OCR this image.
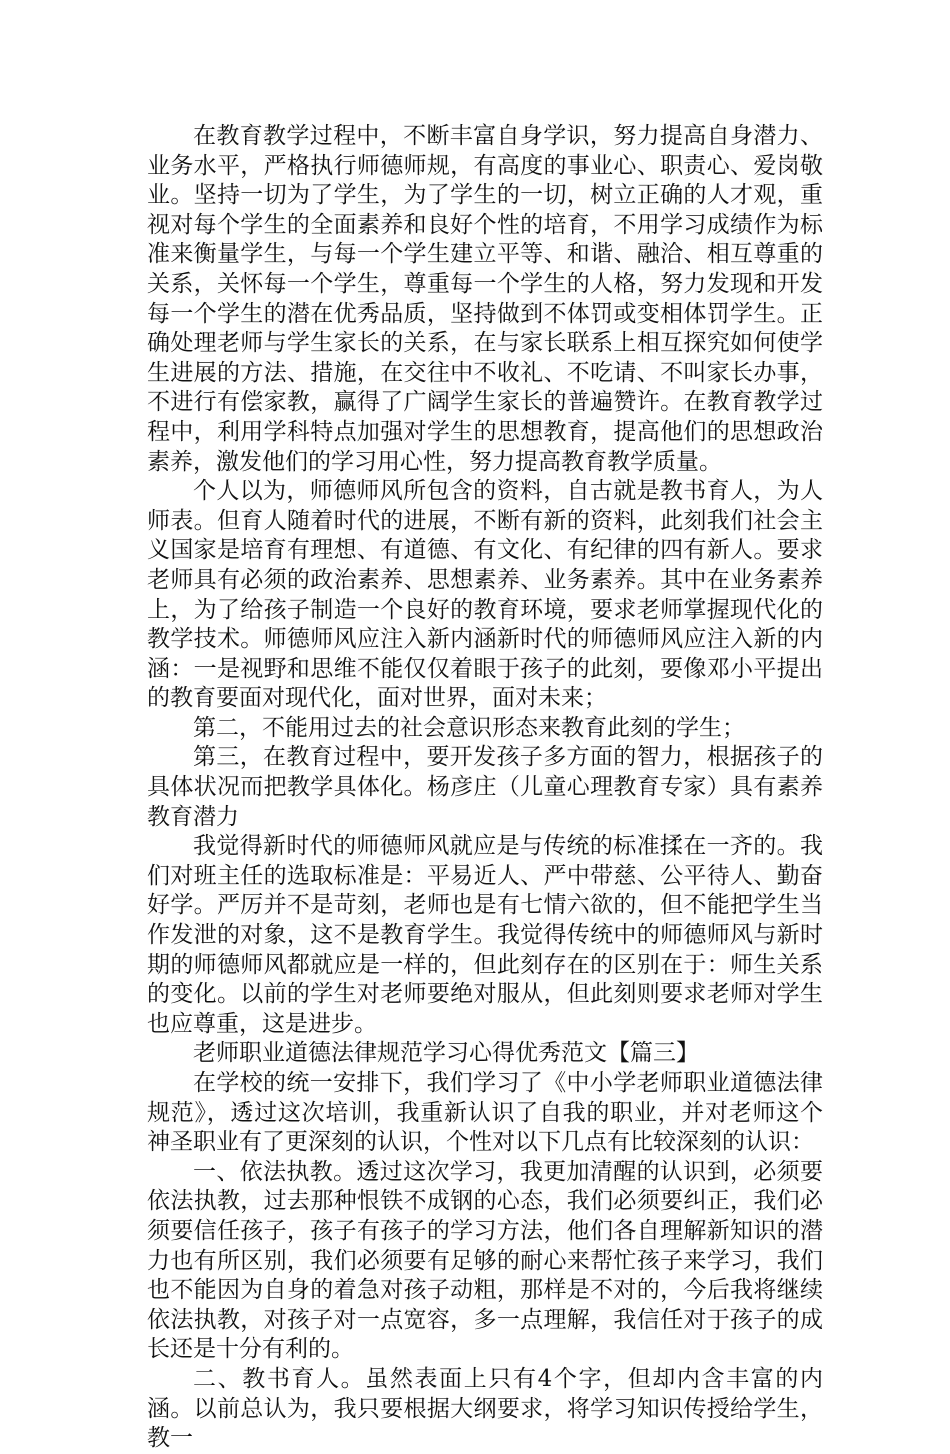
在教育教学过程中，不断丰富自身学识，努力提高自身潜力、业务水平，严格执行师德师规，有高度的事业心、职责心、爱岗敬业。坚持一切为了学生，为了学生的一切，树立正确的人才观，重视对每个学生的全面素养和良好个性的培育，不用学习成绩作为标准来衡量学生，与每一个学生建立平等、和谐、融洽、相互尊重的关系，关怀每一个学生，尊重每一个学生的人格，努力发现和开发每一个学生的潜在优秀品质，坚持做到不体罚或变相体罚学生。正确处理老师与学生家长的关系，在与家长联系上相互探究如何使学生进展的方法、措施，在交往中不收礼、不吃请、不叫家长办事，不进行有偿家教，赢得了广阔学生家长的普遍赞许。在教育教学过程中，利用学科特点加强对学生的思想教育，提高他们的思想政治素养，激发他们的学习用心性，努力提高教育教学质量。

个人以为，师德师风所包含的资料，自古就是教书育人，为人师表。但育人随着时代的进展，不断有新的资料，此刻我们社会主义国家是培育有理想、有道德、有文化、有纪律的四有新人。要求老师具有必须的政治素养、思想素养、业务素养。其中在业务素养上，为了给孩子制造一个良好的教育环境，要求老师掌握现代化的教学技术。师德师风应注入新内涵新时代的师德师风应注入新的内涵：一是视野和思维不能仅仅着眼于孩子的此刻，要像邓小平提出的教育要面对现代化，面对世界，面对未来；

第二，不能用过去的社会意识形态来教育此刻的学生；

第三，在教育过程中，要开发孩子多方面的智力，根据孩子的具体状况而把教学具体化。杨彦庄（儿童心理教育专家）具有素养教育潜力

我觉得新时代的师德师风就应是与传统的标准揉在一齐的。我们对班主任的选取标准是：平易近人、严中带慈、公平待人、勤奋好学。严厉并不是苛刻，老师也是有七情六欲的，但不能把学生当作发泄的对象，这不是教育学生。我觉得传统中的师德师风与新时期的师德师风都就应是一样的，但此刻存在的区别在于：师生关系的变化。以前的学生对老师要绝对服从，但此刻则要求老师对学生也应尊重，这是进步。

老师职业道德法律规范学习心得优秀范文【篇三】

在学校的统一安排下，我们学习了《中小学老师职业道德法律规范》，透过这次培训，我重新认识了自我的职业，并对老师这个神圣职业有了更深刻的认识，个性对以下几点有比较深刻的认识：

一、依法执教。透过这次学习，我更加清醒的认识到，必须要依法执教，过去那种恨铁不成钢的心态，我们必须要纠正，我们必须要信任孩子，孩子有孩子的学习方法，他们各自理解新知识的潜力也有所区别，我们必须要有足够的耐心来帮忙孩子来学习，我们也不能因为自身的着急对孩子动粗，那样是不对的，今后我将继续依法执教，对孩子对一点宽容，多一点理解，我信任对于孩子的成长还是十分有利的。

二、教书育人。虽然表面上只有4个字，但却内含丰富的内涵。以前总认为，我只要根据大纲要求，将学习知识传授给学生，教一
